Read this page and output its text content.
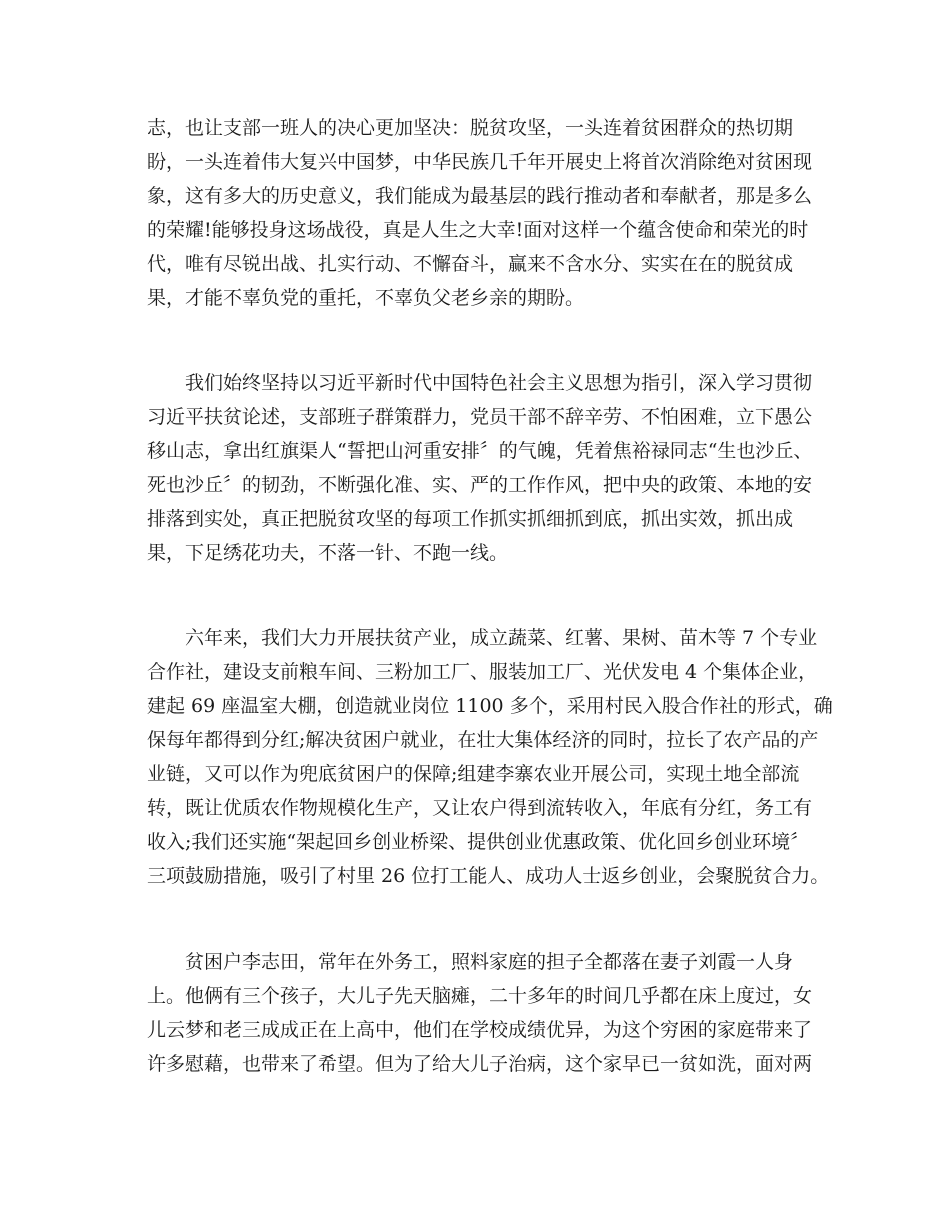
志，也让支部一班人的决心更加坚决：脱贫攻坚，一头连着贫困群众的热切期
盼，一头连着伟大复兴中国梦，中华民族几千年开展史上将首次消除绝对贫困现
象，这有多大的历史意义，我们能成为最基层的践行推动者和奉献者，那是多么
的荣耀!能够投身这场战役，真是人生之大幸!面对这样一个蕴含使命和荣光的时
代，唯有尽锐出战、扎实行动、不懈奋斗，赢来不含水分、实实在在的脱贫成
果，才能不辜负党的重托，不辜负父老乡亲的期盼。
　　我们始终坚持以习近平新时代中国特色社会主义思想为指引，深入学习贯彻
习近平扶贫论述，支部班子群策群力，党员干部不辞辛劳、不怕困难，立下愚公
移山志，拿出红旗渠人“誓把山河重安排〞的气魄，凭着焦裕禄同志“生也沙丘、
死也沙丘〞的韧劲，不断强化准、实、严的工作作风，把中央的政策、本地的安
排落到实处，真正把脱贫攻坚的每项工作抓实抓细抓到底，抓出实效，抓出成
果，下足绣花功夫，不落一针、不跑一线。
　　六年来，我们大力开展扶贫产业，成立蔬菜、红薯、果树、苗木等 7 个专业
合作社，建设支前粮车间、三粉加工厂、服装加工厂、光伏发电 4 个集体企业，
建起 69 座温室大棚，创造就业岗位 1100 多个，采用村民入股合作社的形式，确
保每年都得到分红;解决贫困户就业，在壮大集体经济的同时，拉长了农产品的产
业链，又可以作为兜底贫困户的保障;组建李寨农业开展公司，实现土地全部流
转，既让优质农作物规模化生产，又让农户得到流转收入，年底有分红，务工有
收入;我们还实施“架起回乡创业桥梁、提供创业优惠政策、优化回乡创业环境〞
三项鼓励措施，吸引了村里 26 位打工能人、成功人士返乡创业，会聚脱贫合力。
　　贫困户李志田，常年在外务工，照料家庭的担子全都落在妻子刘霞一人身
上。他俩有三个孩子，大儿子先天脑瘫，二十多年的时间几乎都在床上度过，女
儿云梦和老三成成正在上高中，他们在学校成绩优异，为这个穷困的家庭带来了
许多慰藉，也带来了希望。但为了给大儿子治病，这个家早已一贫如洗，面对两
